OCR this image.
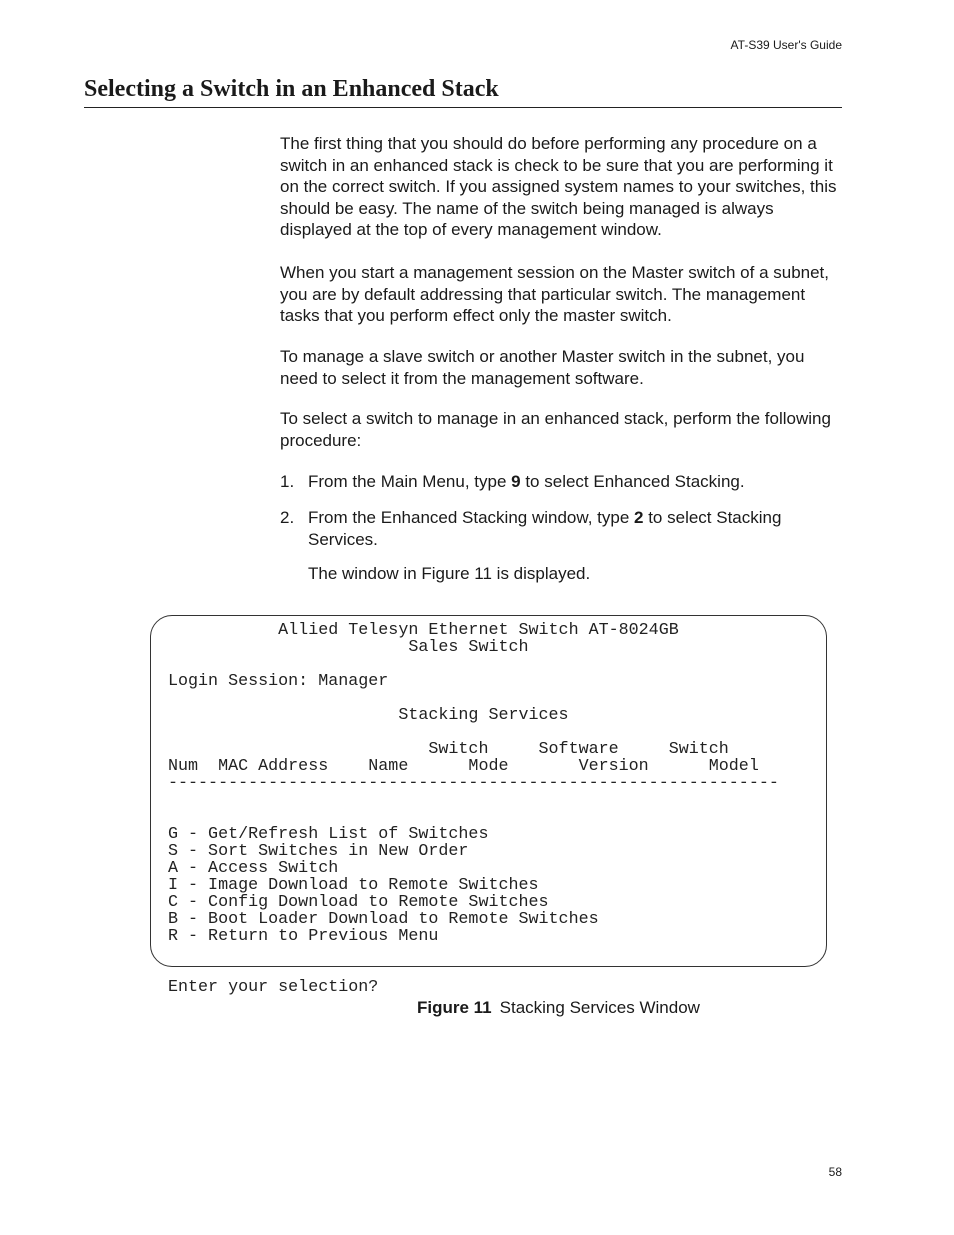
AT-S39 User's Guide
Selecting a Switch in an Enhanced Stack

The first thing that you should do before performing any procedure on a switch in an enhanced stack is check to be sure that you are performing it on the correct switch. If you assigned system names to your switches, this should be easy. The name of the switch being managed is always displayed at the top of every management window.

When you start a management session on the Master switch of a subnet, you are by default addressing that particular switch. The management tasks that you perform effect only the master switch.

To manage a slave switch or another Master switch in the subnet, you need to select it from the management software.

To select a switch to manage in an enhanced stack, perform the following procedure:

1. From the Main Menu, type 9 to select Enhanced Stacking.
2. From the Enhanced Stacking window, type 2 to select Stacking Services.

The window in Figure 11 is displayed.

Allied Telesyn Ethernet Switch AT-8024GB
Sales Switch

Login Session: Manager

Stacking Services

Switch     Software     Switch
Num  MAC Address    Name      Mode       Version      Model
-------------------------------------------------------------

G - Get/Refresh List of Switches
S - Sort Switches in New Order
A - Access Switch
I - Image Download to Remote Switches
C - Config Download to Remote Switches
B - Boot Loader Download to Remote Switches
R - Return to Previous Menu

Enter your selection?
Figure 11 Stacking Services Window
58
